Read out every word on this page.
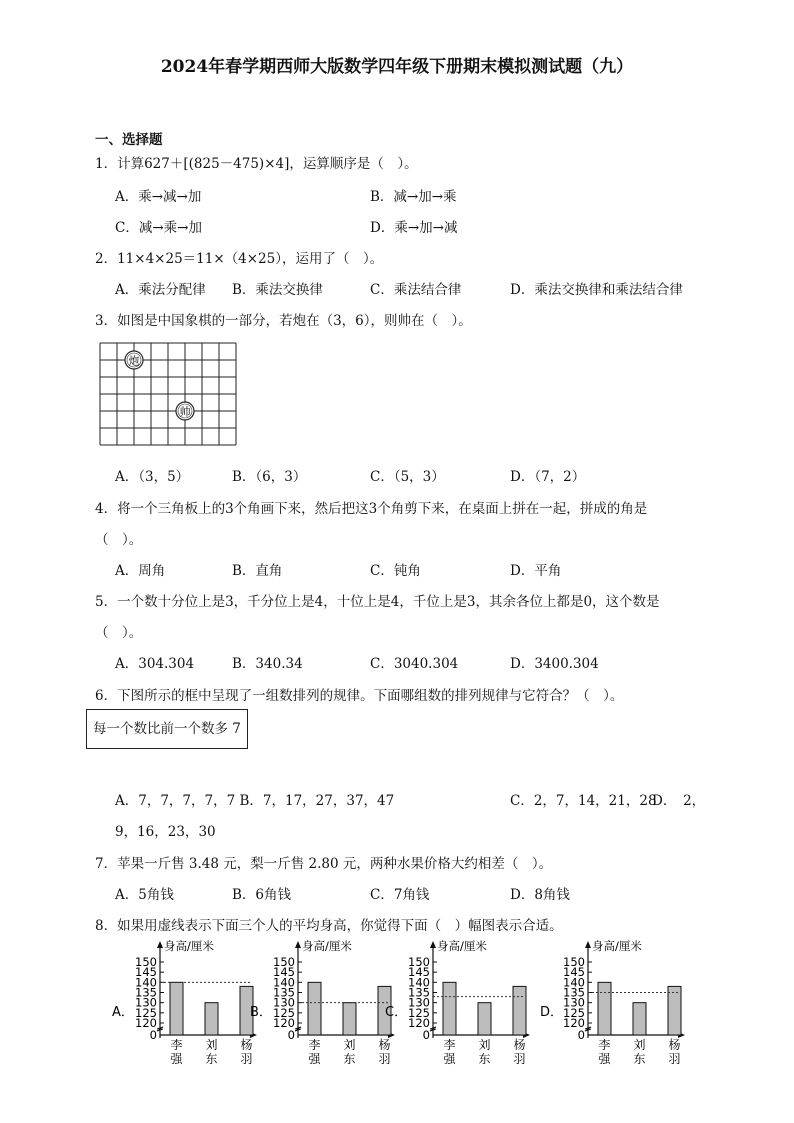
2024年春学期西师大版数学四年级下册期末模拟测试题（九）
一、选择题
1．计算627＋[(825－475)×4]，运算顺序是（　）。
A．乘→减→加	B．减→加→乘
C．减→乘→加	D．乘→加→减
2．11×4×25＝11×（4×25），运用了（　）。
A．乘法分配律 B．乘法交换律	C．乘法结合律	D．乘法交换律和乘法结合律
3．如图是中国象棋的一部分，若炮在（3，6），则帅在（　）。
炮
帅
A．（3，5）	B．（6，3）	C．（5，3）	D．（7，2）
4．将一个三角板上的3个角画下来，然后把这3个角剪下来，在桌面上拼在一起，拼成的角是
（　）。
A．周角	B．直角	C．钝角	D．平角
5．一个数十分位上是3，千分位上是4，十位上是4，千位上是3，其余各位上都是0，这个数是
（　）。
A．304.304	B．340.34	C．3040.304	D．3400.304
6．下图所示的框中呈现了一组数排列的规律。下面哪组数的排列规律与它符合？（　）。
每一个数比前一个数多 7
A．7，7，7，7，7 B．7，17，27，37，47	C．2，7，14，21，28
D．　2，
9，16，23，30
7．苹果一斤售 3.48 元，梨一斤售 2.80 元，两种水果价格大约相差（　）。
A．5角钱	B．6角钱	C．7角钱	D．8角钱
8．如果用虚线表示下面三个人的平均身高，你觉得下面（　）幅图表示合适。
A．
身高/厘米
150
145
140
135
130
125
120
0
李
强
刘
东
杨
羽
B．
身高/厘米
150
145
140
135
130
125
120
0
李
强
刘
东
杨
羽
C．
身高/厘米
150
145
140
135
130
125
120
0
李
强
刘
东
杨
羽
D．
身高/厘米
150
145
140
135
130
125
120
0
李
强
刘
东
杨
羽
